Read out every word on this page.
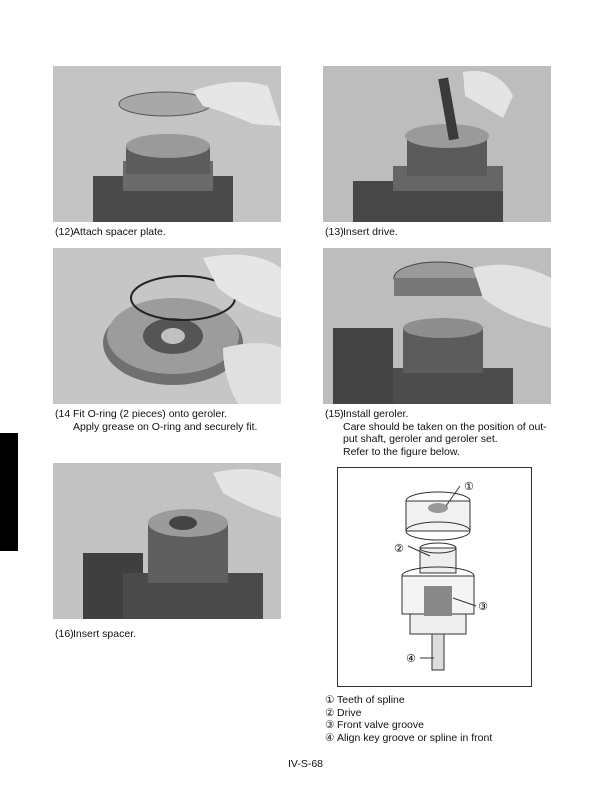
(12)Attach spacer plate.	(13)Insert drive.
(14 Fit O-ring (2 pieces) onto geroler.
Apply grease on O-ring and securely fit.
(15)Install geroler.
Care should be taken on the position of out-
put shaft, geroler and geroler set.
Refer to the figure below.
(16)Insert spacer.
①
②
③
④
① Teeth of spline
② Drive
③ Front valve groove
④ Align key groove or spline in front
IV-S-68
